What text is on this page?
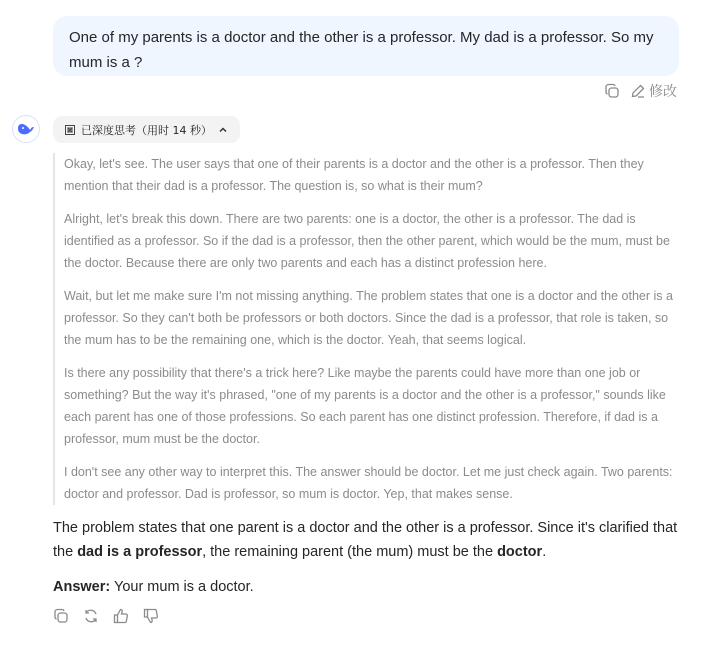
One of my parents is a doctor and the other is a professor. My dad is a professor. So my mum is a ?
修改
已深度思考（用时 14 秒）

Okay, let's see. The user says that one of their parents is a doctor and the other is a professor. Then they mention that their dad is a professor. The question is, so what is their mum?

Alright, let's break this down. There are two parents: one is a doctor, the other is a professor. The dad is identified as a professor. So if the dad is a professor, then the other parent, which would be the mum, must be the doctor. Because there are only two parents and each has a distinct profession here.

Wait, but let me make sure I'm not missing anything. The problem states that one is a doctor and the other is a professor. So they can't both be professors or both doctors. Since the dad is a professor, that role is taken, so the mum has to be the remaining one, which is the doctor. Yeah, that seems logical.

Is there any possibility that there's a trick here? Like maybe the parents could have more than one job or something? But the way it's phrased, "one of my parents is a doctor and the other is a professor," sounds like each parent has one of those professions. So each parent has one distinct profession. Therefore, if dad is a professor, mum must be the doctor.

I don't see any other way to interpret this. The answer should be doctor. Let me just check again. Two parents: doctor and professor. Dad is professor, so mum is doctor. Yep, that makes sense.

The problem states that one parent is a doctor and the other is a professor. Since it's clarified that the dad is a professor, the remaining parent (the mum) must be the doctor.

Answer: Your mum is a doctor.
